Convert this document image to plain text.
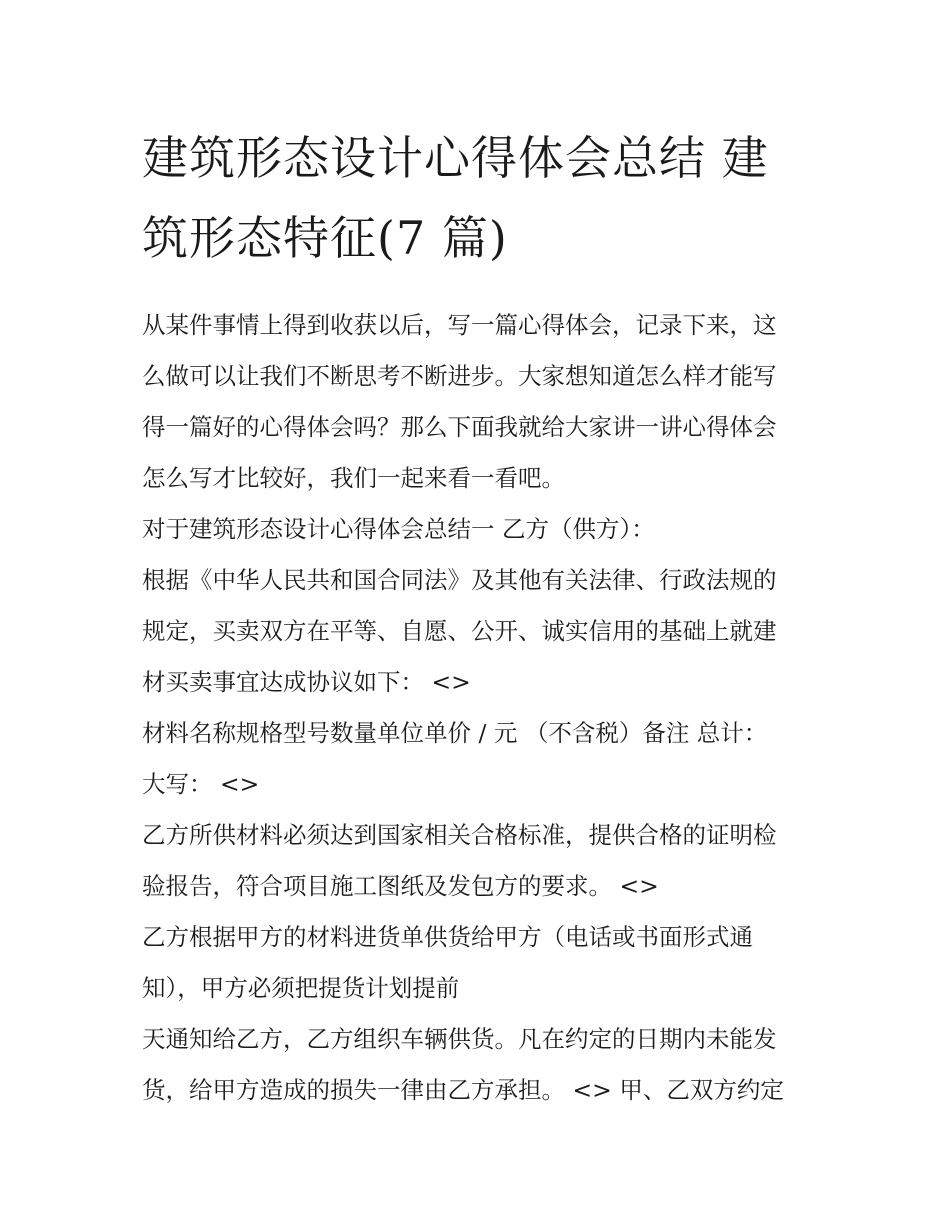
建筑形态设计心得体会总结 建
筑形态特征(7 篇)
从某件事情上得到收获以后，写一篇心得体会，记录下来，这
么做可以让我们不断思考不断进步。大家想知道怎么样才能写
得一篇好的心得体会吗？那么下面我就给大家讲一讲心得体会
怎么写才比较好，我们一起来看一看吧。
对于建筑形态设计心得体会总结一 乙方（供方）：
根据《中华人民共和国合同法》及其他有关法律、行政法规的
规定，买卖双方在平等、自愿、公开、诚实信用的基础上就建
材买卖事宜达成协议如下： <>
材料名称规格型号数量单位单价 / 元 （不含税）备注 总计：
大写： <>
乙方所供材料必须达到国家相关合格标准，提供合格的证明检
验报告，符合项目施工图纸及发包方的要求。 <>
乙方根据甲方的材料进货单供货给甲方（电话或书面形式通
知），甲方必须把提货计划提前
天通知给乙方，乙方组织车辆供货。凡在约定的日期内未能发
货，给甲方造成的损失一律由乙方承担。 <> 甲、乙双方约定
